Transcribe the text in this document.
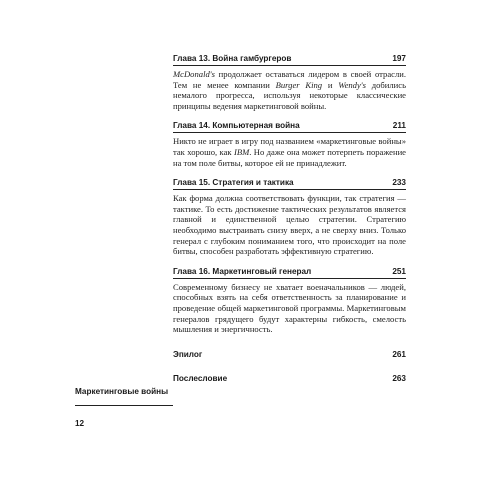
Глава 13. Война гамбургеров	197

McDonald's продолжает оставаться лидером в своей отрасли. Тем не менее компании Burger King и Wendy's добились немалого прогресса, используя некоторые классические принципы ведения маркетинговой войны.

Глава 14. Компьютерная война	211

Никто не играет в игру под названием «маркетинговые войны» так хорошо, как IBM. Но даже она может потерпеть поражение на том поле битвы, которое ей не принадлежит.

Глава 15. Стратегия и тактика	233

Как форма должна соответствовать функции, так стратегия — тактике. То есть достижение тактических результатов является главной и единственной целью стратегии. Стратегию необходимо выстраивать снизу вверх, а не сверху вниз. Только генерал с глубоким пониманием того, что происходит на поле битвы, способен разработать эффективную стратегию.

Глава 16. Маркетинговый генерал	251

Современному бизнесу не хватает военачальников — людей, способных взять на себя ответственность за планирование и проведение общей маркетинговой программы. Маркетинговым генералов грядущего будут характерны гибкость, смелость мышления и энергичность.

Эпилог	261
Послесловие	263
Маркетинговые войны
12
